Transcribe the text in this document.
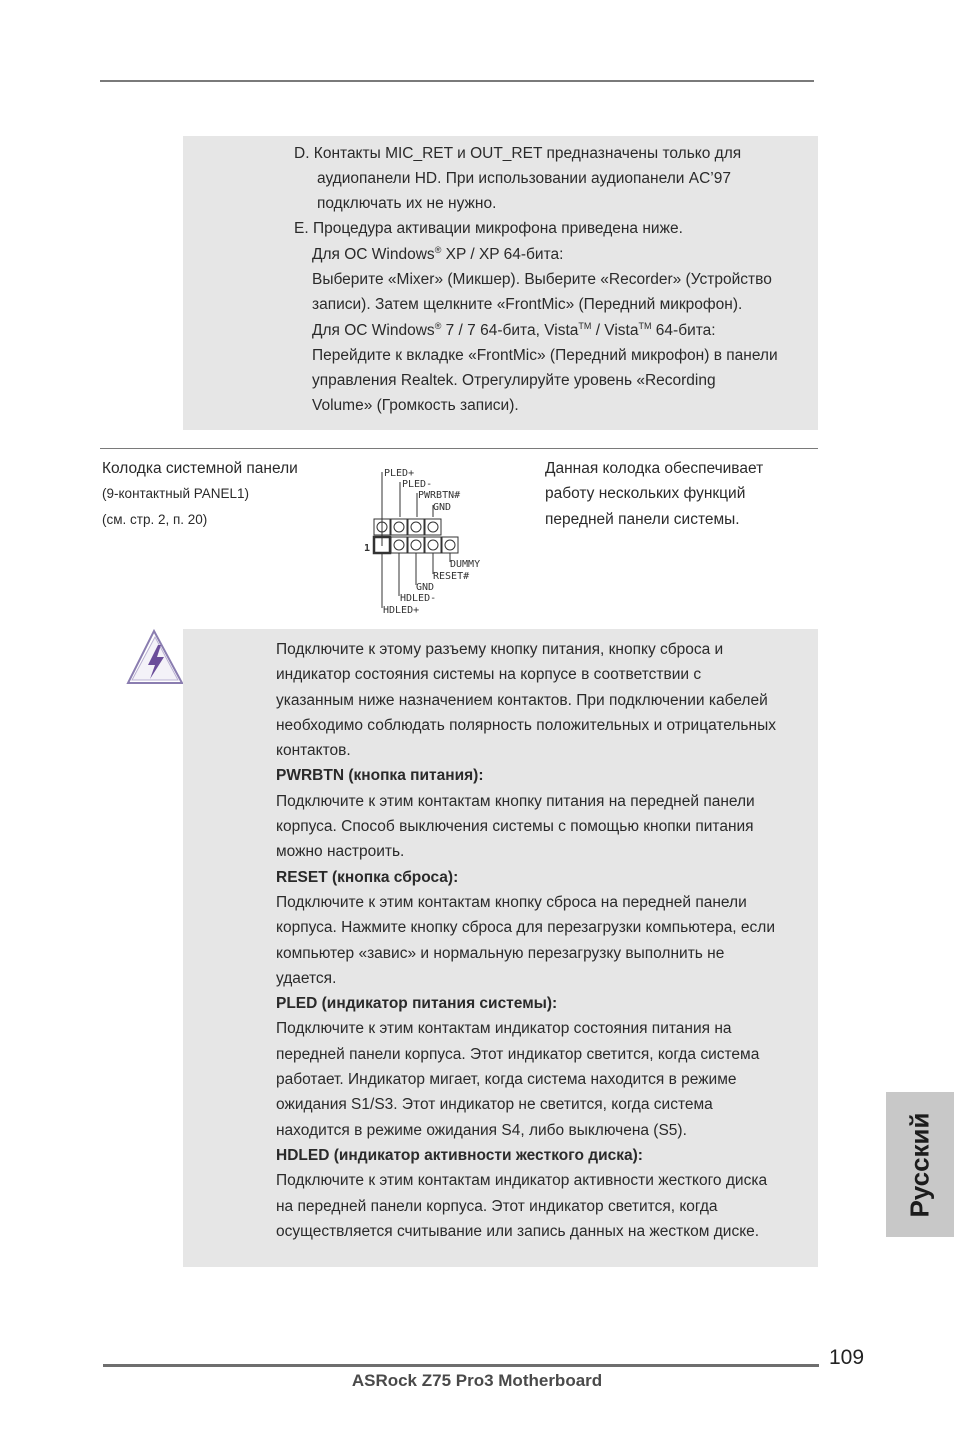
D. Контакты MIC_RET и OUT_RET предназначены только для
аудиопанели HD. При использовании аудиопанели AC’97
подключать их не нужно.
E. Процедура активации микрофона приведена ниже.
Для ОС Windows® XP / XP 64-бита:
Выберите «Mixer» (Микшер). Выберите «Recorder» (Устройство
записи). Затем щелкните «FrontMic» (Передний микрофон).
Для ОС Windows® 7 / 7 64-бита, Vista™ / Vista™ 64-бита:
Перейдите к вкладке «FrontMic» (Передний микрофон) в панели
управления Realtek. Отрегулируйте уровень «Recording
Volume» (Громкость записи).
Колодка системной панели
(9-контактный PANEL1)
(см. стр. 2, п. 20)
Данная колодка обеспечивает
работу нескольких функций
передней панели системы.
PLED+
PLED-
PWRBTN#
GND
1
DUMMY
RESET#
GND
HDLED-
HDLED+
Подключите к этому разъему кнопку питания, кнопку сброса и
индикатор состояния системы на корпусе в соответствии с
указанным ниже назначением контактов. При подключении кабелей
необходимо соблюдать полярность положительных и отрицательных
контактов.
PWRBTN (кнопка питания):
Подключите к этим контактам кнопку питания на передней панели
корпуса. Способ выключения системы с помощью кнопки питания
можно настроить.
RESET (кнопка сброса):
Подключите к этим контактам кнопку сброса на передней панели
корпуса. Нажмите кнопку сброса для перезагрузки компьютера, если
компьютер «завис» и нормальную перезагрузку выполнить не
удается.
PLED (индикатор питания системы):
Подключите к этим контактам индикатор состояния питания на
передней панели корпуса. Этот индикатор светится, когда система
работает. Индикатор мигает, когда система находится в режиме
ожидания S1/S3. Этот индикатор не светится, когда система
находится в режиме ожидания S4, либо выключена (S5).
HDLED (индикатор активности жесткого диска):
Подключите к этим контактам индикатор активности жесткого диска
на передней панели корпуса. Этот индикатор светится, когда
осуществляется считывание или запись данных на жестком диске.
Русский
109
ASRock Z75 Pro3 Motherboard
